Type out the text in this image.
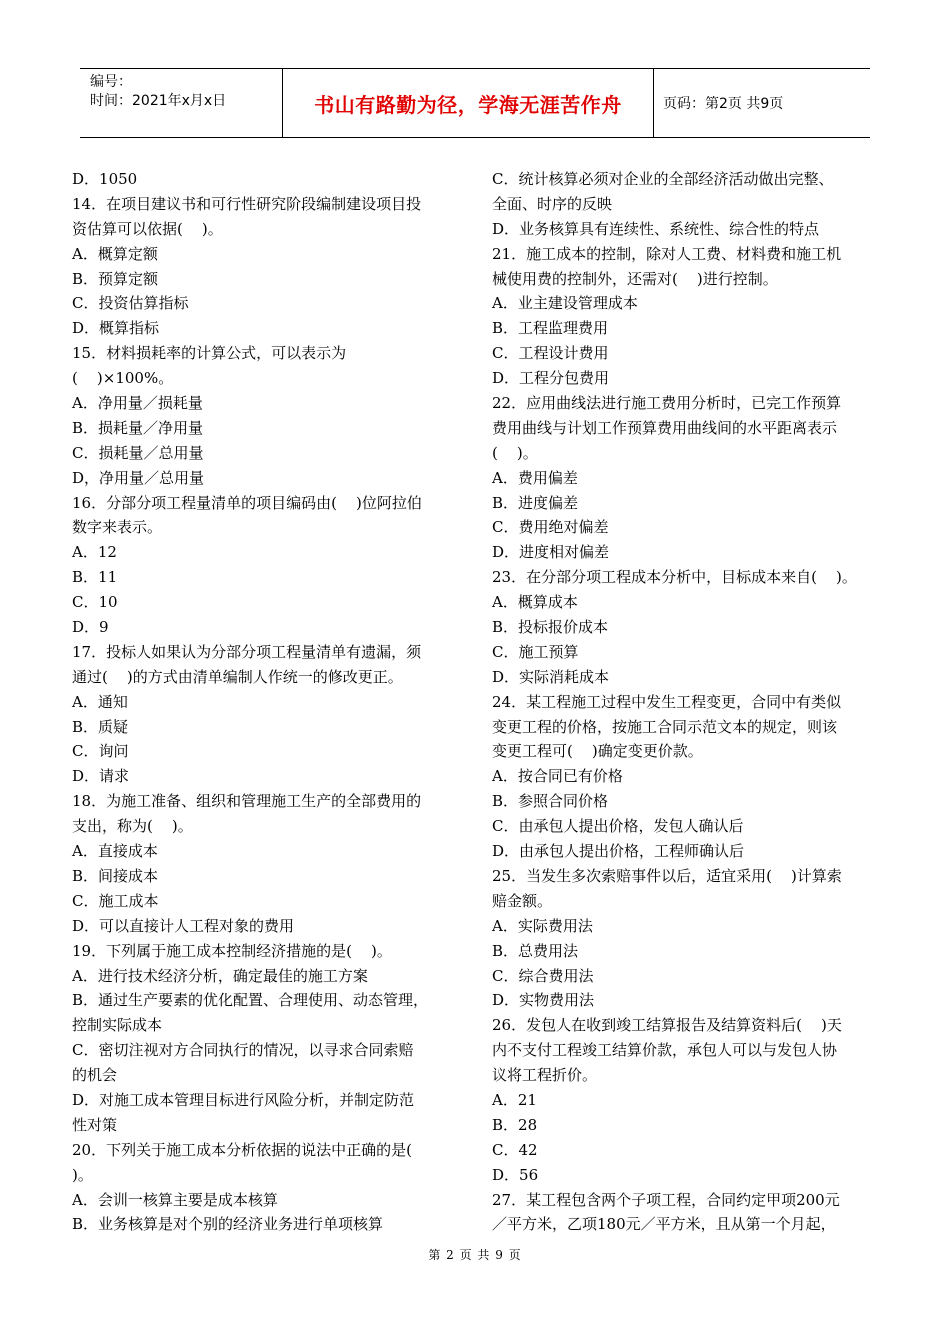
编号：
时间：2021年x月x日	书山有路勤为径，学海无涯苦作舟	页码：第2页 共9页
D．1050
14．在项目建议书和可行性研究阶段编制建设项目投
资估算可以依据(    )。
A．概算定额
B．预算定额
C．投资估算指标
D．概算指标
15．材料损耗率的计算公式，可以表示为
(    )×100%。
A．净用量／损耗量
B．损耗量／净用量
C．损耗量／总用量
D，净用量／总用量
16．分部分项工程量清单的项目编码由(    )位阿拉伯
数字来表示。
A．12
B．11
C．10
D．9
17．投标人如果认为分部分项工程量清单有遗漏，须
通过(    )的方式由清单编制人作统一的修改更正。
A．通知
B．质疑
C．询问
D．请求
18．为施工准备、组织和管理施工生产的全部费用的
支出，称为(    )。
A．直接成本
B．间接成本
C．施工成本
D．可以直接计人工程对象的费用
19．下列属于施工成本控制经济措施的是(    )。
A．进行技术经济分析，确定最佳的施工方案
B．通过生产要素的优化配置、合理使用、动态管理，
控制实际成本
C．密切注视对方合同执行的情况，以寻求合同索赔
的机会
D．对施工成本管理目标进行风险分析，并制定防范
性对策
20．下列关于施工成本分析依据的说法中正确的是(
)。
A．会训一核算主要是成本核算
B．业务核算是对个别的经济业务进行单项核算
C．统计核算必须对企业的全部经济活动做出完整、
全面、时序的反映
D．业务核算具有连续性、系统性、综合性的特点
21．施工成本的控制，除对人工费、材料费和施工机
械使用费的控制外，还需对(    )进行控制。
A．业主建设管理成本
B．工程监理费用
C．工程设计费用
D．工程分包费用
22．应用曲线法进行施工费用分析时，已完工作预算
费用曲线与计划工作预算费用曲线间的水平距离表示
(    )。
A．费用偏差
B．进度偏差
C．费用绝对偏差
D．进度相对偏差
23．在分部分项工程成本分析中，目标成本来自(    )。
A．概算成本
B．投标报价成本
C．施工预算
D．实际消耗成本
24．某工程施工过程中发生工程变更，合同中有类似
变更工程的价格，按施工合同示范文本的规定，则该
变更工程可(    )确定变更价款。
A．按合同已有价格
B．参照合同价格
C．由承包人提出价格，发包人确认后
D．由承包人提出价格，工程师确认后
25．当发生多次索赔事件以后，适宜采用(    )计算索
赔金额。
A．实际费用法
B．总费用法
C．综合费用法
D．实物费用法
26．发包人在收到竣工结算报告及结算资料后(    )天
内不支付工程竣工结算价款，承包人可以与发包人协
议将工程折价。
A．21
B．28
C．42
D．56
27．某工程包含两个子项工程，合同约定甲项200元
／平方米，乙项180元／平方米，且从第一个月起，
第 2 页 共 9 页
